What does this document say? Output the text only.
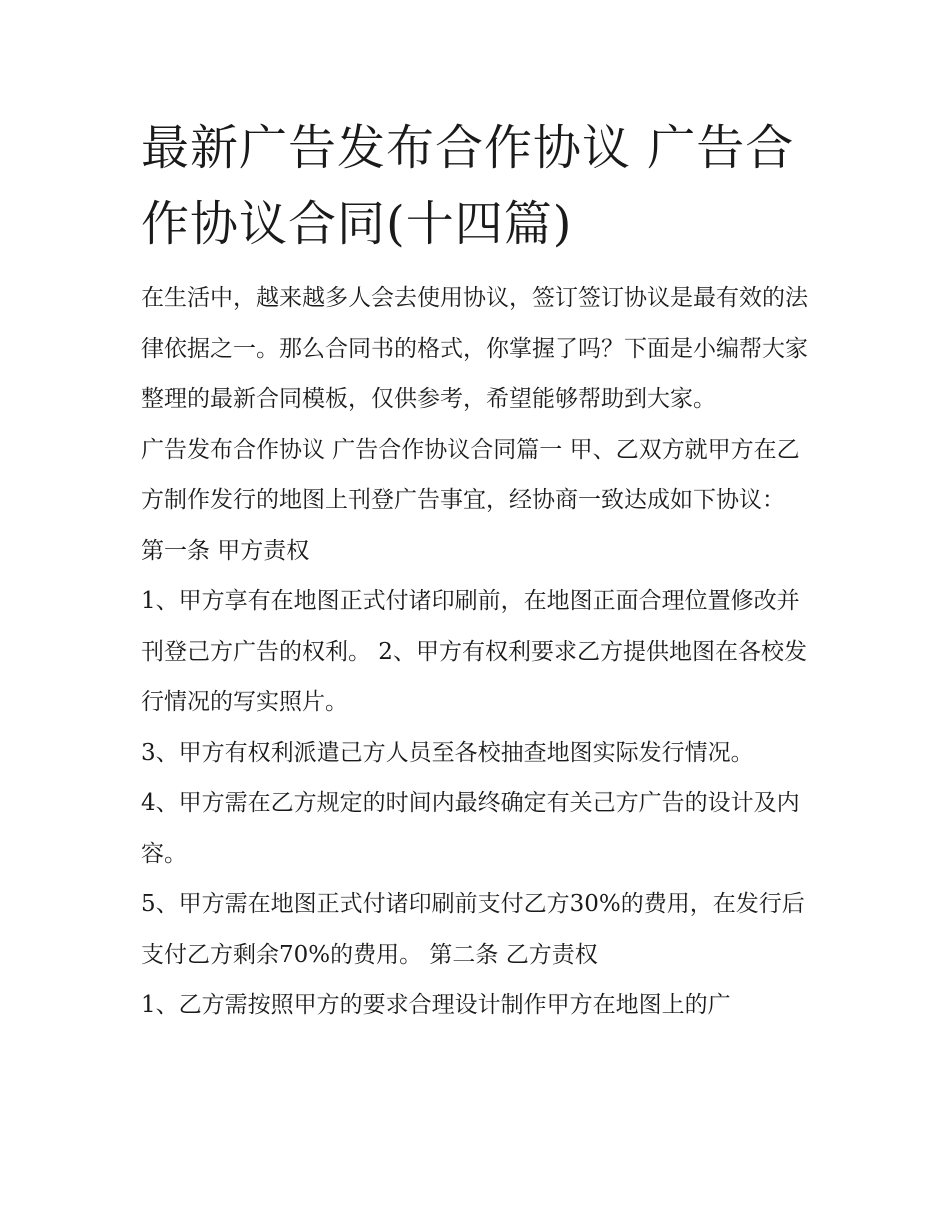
最新广告发布合作协议 广告合作协议合同(十四篇)

在生活中，越来越多人会去使用协议，签订签订协议是最有效的法律依据之一。那么合同书的格式，你掌握了吗？下面是小编帮大家整理的最新合同模板，仅供参考，希望能够帮助到大家。

广告发布合作协议 广告合作协议合同篇一 甲、乙双方就甲方在乙方制作发行的地图上刊登广告事宜，经协商一致达成如下协议： 第一条 甲方责权

1、甲方享有在地图正式付诸印刷前，在地图正面合理位置修改并刊登己方广告的权利。 2、甲方有权利要求乙方提供地图在各校发行情况的写实照片。

3、甲方有权利派遣己方人员至各校抽查地图实际发行情况。

4、甲方需在乙方规定的时间内最终确定有关己方广告的设计及内容。

5、甲方需在地图正式付诸印刷前支付乙方30%的费用，在发行后支付乙方剩余70%的费用。 第二条 乙方责权

1、乙方需按照甲方的要求合理设计制作甲方在地图上的广
